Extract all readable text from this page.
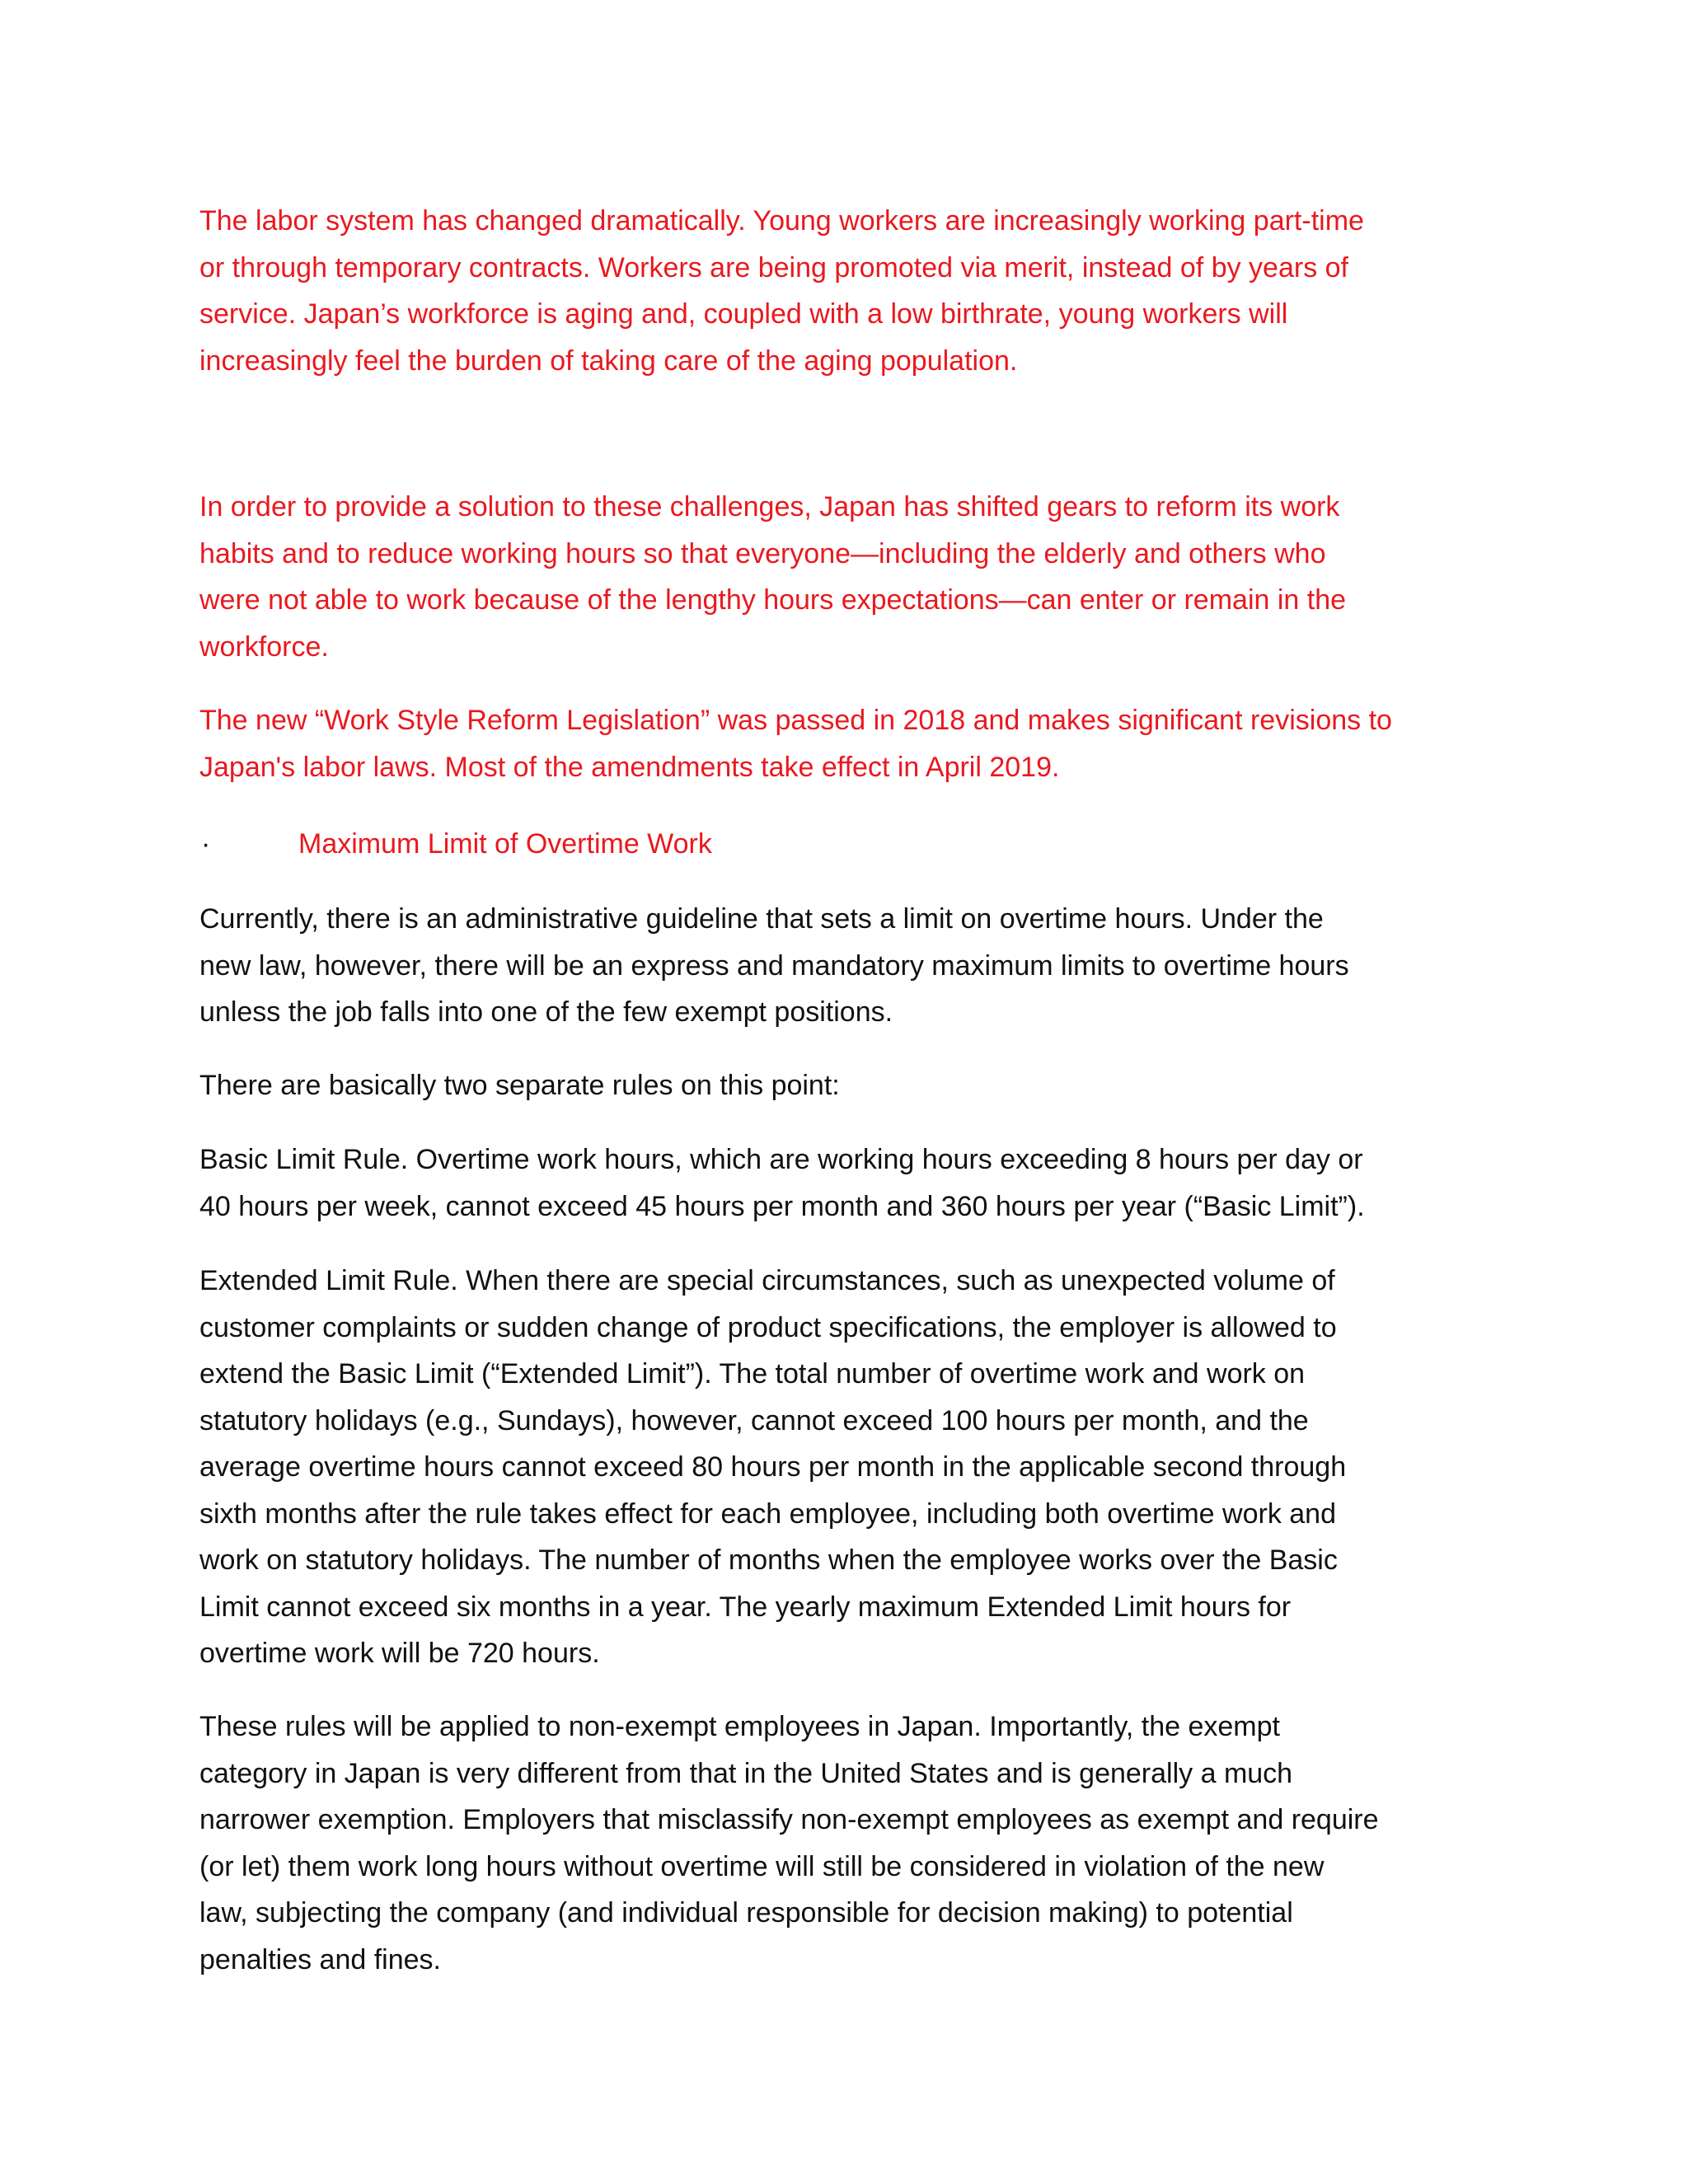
The labor system has changed dramatically. Young workers are increasingly working part-time
or through temporary contracts. Workers are being promoted via merit, instead of by years of
service. Japan’s workforce is aging and, coupled with a low birthrate, young workers will
increasingly feel the burden of taking care of the aging population.

In order to provide a solution to these challenges, Japan has shifted gears to reform its work
habits and to reduce working hours so that everyone—including the elderly and others who
were not able to work because of the lengthy hours expectations—can enter or remain in the
workforce.

The new “Work Style Reform Legislation” was passed in 2018 and makes significant revisions to
Japan's labor laws. Most of the amendments take effect in April 2019.

·	Maximum Limit of Overtime Work

Currently, there is an administrative guideline that sets a limit on overtime hours. Under the
new law, however, there will be an express and mandatory maximum limits to overtime hours
unless the job falls into one of the few exempt positions.

There are basically two separate rules on this point:

Basic Limit Rule. Overtime work hours, which are working hours exceeding 8 hours per day or
40 hours per week, cannot exceed 45 hours per month and 360 hours per year (“Basic Limit”).

Extended Limit Rule. When there are special circumstances, such as unexpected volume of
customer complaints or sudden change of product specifications, the employer is allowed to
extend the Basic Limit (“Extended Limit”). The total number of overtime work and work on
statutory holidays (e.g., Sundays), however, cannot exceed 100 hours per month, and the
average overtime hours cannot exceed 80 hours per month in the applicable second through
sixth months after the rule takes effect for each employee, including both overtime work and
work on statutory holidays. The number of months when the employee works over the Basic
Limit cannot exceed six months in a year. The yearly maximum Extended Limit hours for
overtime work will be 720 hours.

These rules will be applied to non-exempt employees in Japan. Importantly, the exempt
category in Japan is very different from that in the United States and is generally a much
narrower exemption. Employers that misclassify non-exempt employees as exempt and require
(or let) them work long hours without overtime will still be considered in violation of the new
law, subjecting the company (and individual responsible for decision making) to potential
penalties and fines.
